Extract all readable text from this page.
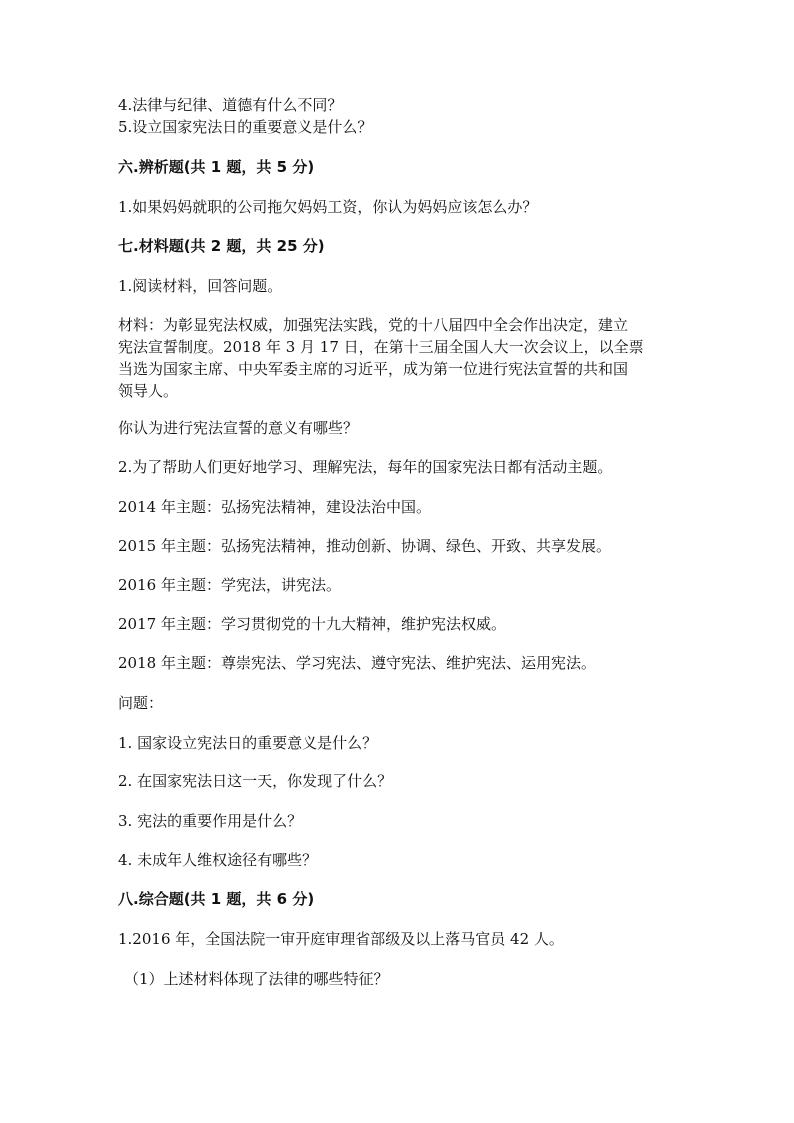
4.法律与纪律、道德有什么不同？
5.设立国家宪法日的重要意义是什么？
六.辨析题(共 1 题，共 5 分)
1.如果妈妈就职的公司拖欠妈妈工资，你认为妈妈应该怎么办？
七.材料题(共 2 题，共 25 分)
1.阅读材料，回答问题。
材料：为彰显宪法权威，加强宪法实践，党的十八届四中全会作出决定，建立
宪法宣誓制度。2018 年 3 月 17 日，在第十三届全国人大一次会议上，以全票
当选为国家主席、中央军委主席的习近平，成为第一位进行宪法宣誓的共和国
领导人。
你认为进行宪法宣誓的意义有哪些？
2.为了帮助人们更好地学习、理解宪法，每年的国家宪法日都有活动主题。
2014 年主题：弘扬宪法精神，建设法治中国。
2015 年主题：弘扬宪法精神，推动创新、协调、绿色、开致、共享发展。
2016 年主题：学宪法，讲宪法。
2017 年主题：学习贯彻党的十九大精神，维护宪法权威。
2018 年主题：尊崇宪法、学习宪法、遵守宪法、维护宪法、运用宪法。
问题：
1. 国家设立宪法日的重要意义是什么？
2. 在国家宪法日这一天，你发现了什么？
3. 宪法的重要作用是什么？
4. 未成年人维权途径有哪些？
八.综合题(共 1 题，共 6 分)
1.2016 年，全国法院一审开庭审理省部级及以上落马官员 42 人。
（1）上述材料体现了法律的哪些特征？
